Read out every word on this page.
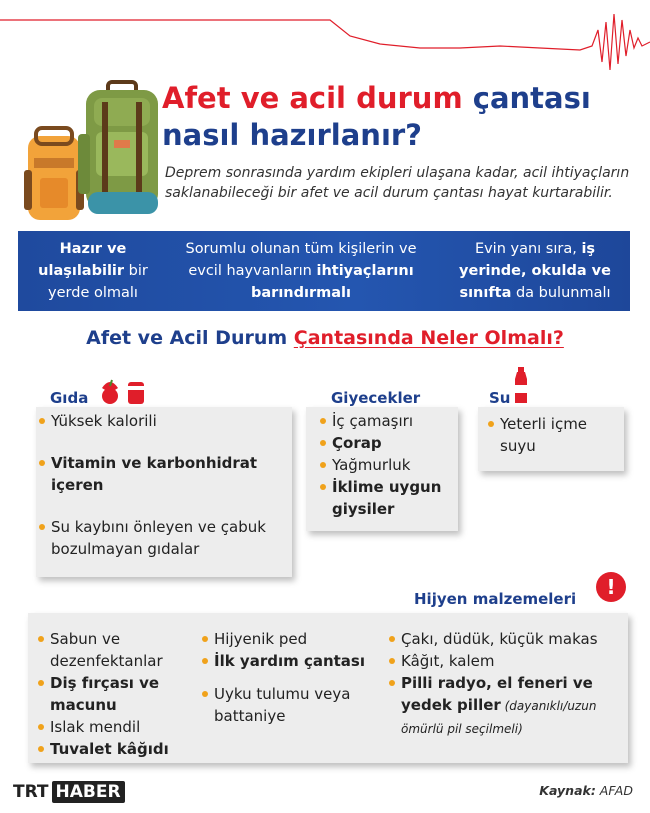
Afet ve acil durum çantası
nasıl hazırlanır?
Deprem sonrasında yardım ekipleri ulaşana kadar, acil ihtiyaçların saklanabileceği bir afet ve acil durum çantası hayat kurtarabilir.
Hazır ve ulaşılabilir bir yerde olmalı
Sorumlu olunan tüm kişilerin ve evcil hayvanların ihtiyaçlarını barındırmalı
Evin yanı sıra, iş yerinde, okulda ve sınıfta da bulunmalı
Afet ve Acil Durum Çantasında Neler Olmalı?
Gıda
Yüksek kalorili
Vitamin ve karbonhidrat içeren
Su kaybını önleyen ve çabuk bozulmayan gıdalar
Giyecekler
İç çamaşırı
Çorap
Yağmurluk
İklime uygun giysiler
Su
Yeterli içme suyu
Hijyen malzemeleri	!
Sabun ve dezenfektanlar
Diş fırçası ve macunu
Islak mendil
Tuvalet kâğıdı
Hijyenik ped
İlk yardım çantası
Uyku tulumu veya battaniye
Çakı, düdük, küçük makas
Kâğıt, kalem
Pilli radyo, el feneri ve yedek piller (dayanıklı/uzun ömürlü pil seçilmeli)
TRT HABER	Kaynak: AFAD
